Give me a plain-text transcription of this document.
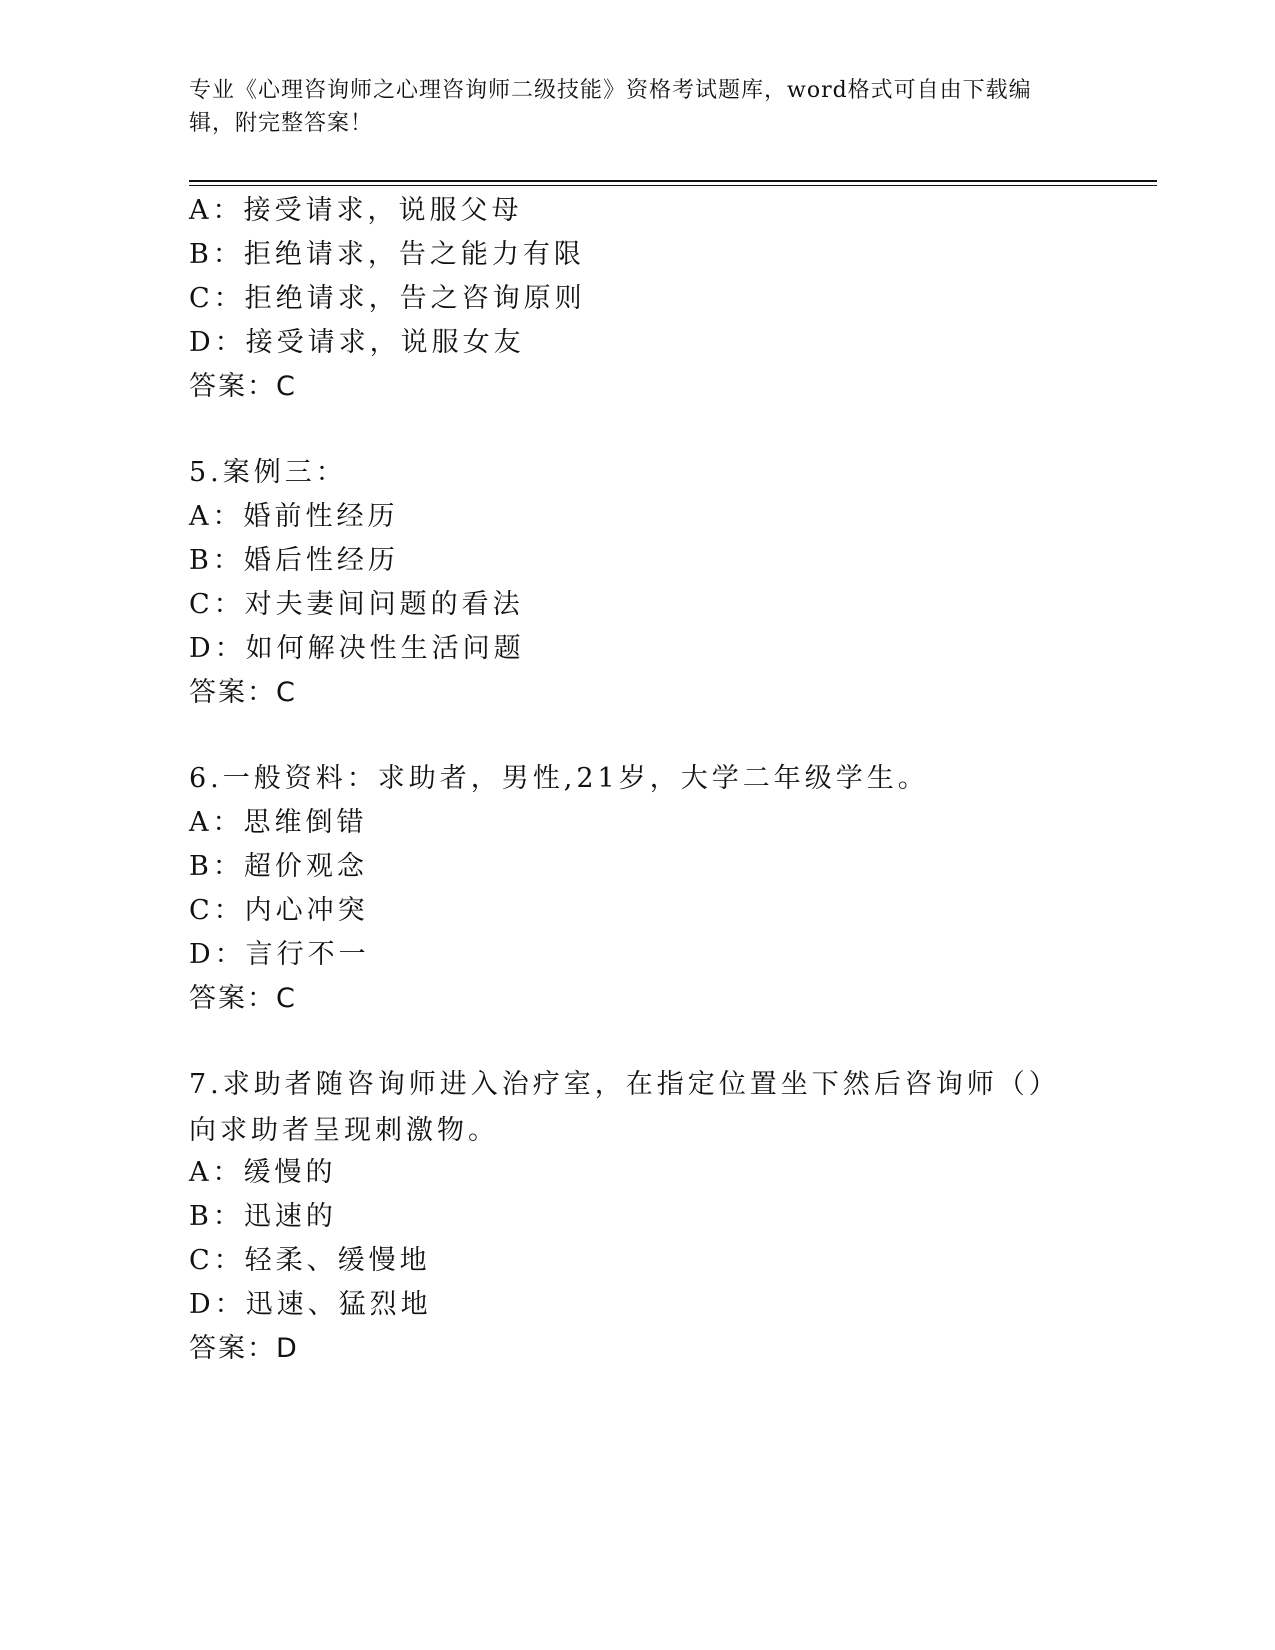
专业《心理咨询师之心理咨询师二级技能》资格考试题库，word格式可自由下载编辑，附完整答案！
A：接受请求，说服父母
B：拒绝请求，告之能力有限
C：拒绝请求，告之咨询原则
D：接受请求，说服女友
答案：C
5.案例三：
A：婚前性经历
B：婚后性经历
C：对夫妻间问题的看法
D：如何解决性生活问题
答案：C
6.一般资料：求助者，男性,21岁，大学二年级学生。
A：思维倒错
B：超价观念
C：内心冲突
D：言行不一
答案：C
7.求助者随咨询师进入治疗室，在指定位置坐下然后咨询师（）向求助者呈现刺激物。
A：缓慢的
B：迅速的
C：轻柔、缓慢地
D：迅速、猛烈地
答案：D
